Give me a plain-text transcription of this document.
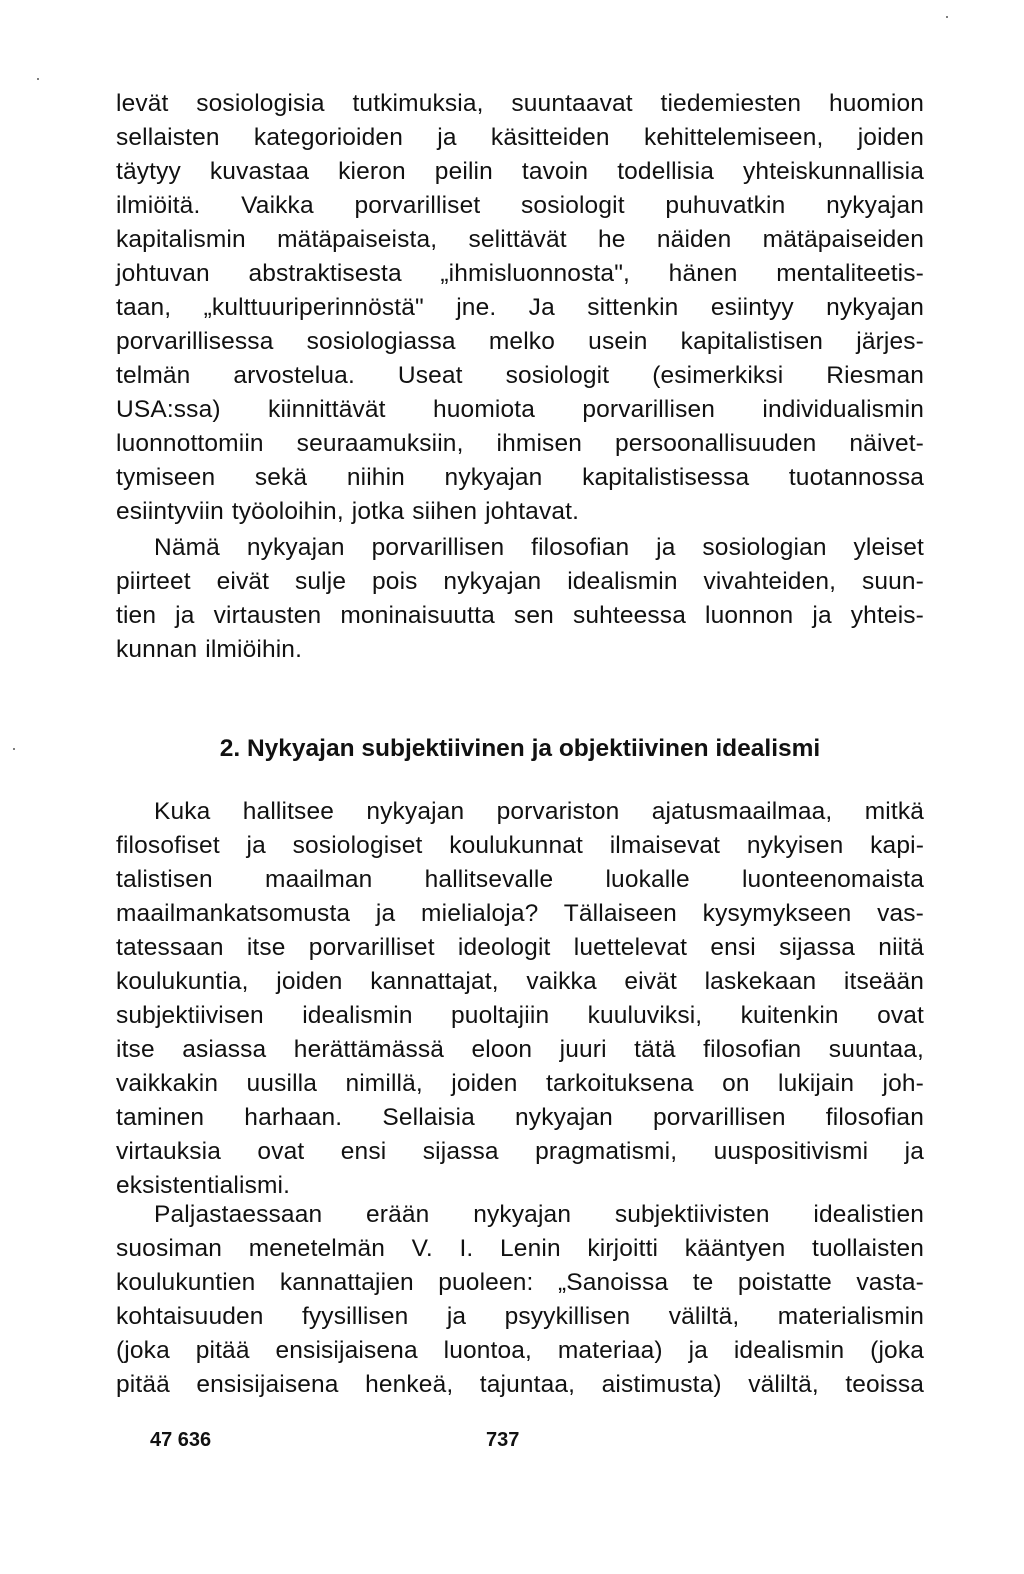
levät sosiologisia tutkimuksia, suuntaavat tiedemiesten huomion
sellaisten kategorioiden ja käsitteiden kehittelemiseen, joiden
täytyy kuvastaa kieron peilin tavoin todellisia yhteiskunnallisia
ilmiöitä. Vaikka porvarilliset sosiologit puhuvatkin nykyajan
kapitalismin mätäpaiseista, selittävät he näiden mätäpaiseiden
johtuvan abstraktisesta „ihmisluonnosta", hänen mentaliteetis-
taan, „kulttuuriperinnöstä" jne. Ja sittenkin esiintyy nykyajan
porvarillisessa sosiologiassa melko usein kapitalistisen järjes-
telmän arvostelua. Useat sosiologit (esimerkiksi Riesman
USA:ssa) kiinnittävät huomiota porvarillisen individualismin
luonnottomiin seuraamuksiin, ihmisen persoonallisuuden näivet-
tymiseen sekä niihin nykyajan kapitalistisessa tuotannossa
esiintyviin työoloihin, jotka siihen johtavat.
Nämä nykyajan porvarillisen filosofian ja sosiologian yleiset
piirteet eivät sulje pois nykyajan idealismin vivahteiden, suun-
tien ja virtausten moninaisuutta sen suhteessa luonnon ja yhteis-
kunnan ilmiöihin.
2. Nykyajan subjektiivinen ja objektiivinen idealismi
Kuka hallitsee nykyajan porvariston ajatusmaailmaa, mitkä
filosofiset ja sosiologiset koulukunnat ilmaisevat nykyisen kapi-
talistisen maailman hallitsevalle luokalle luonteenomaista
maailmankatsomusta ja mielialoja? Tällaiseen kysymykseen vas-
tatessaan itse porvarilliset ideologit luettelevat ensi sijassa niitä
koulukuntia, joiden kannattajat, vaikka eivät laskekaan itseään
subjektiivisen idealismin puoltajiin kuuluviksi, kuitenkin ovat
itse asiassa herättämässä eloon juuri tätä filosofian suuntaa,
vaikkakin uusilla nimillä, joiden tarkoituksena on lukijain joh-
taminen harhaan. Sellaisia nykyajan porvarillisen filosofian
virtauksia ovat ensi sijassa pragmatismi, uuspositivismi ja
eksistentialismi.
Paljastaessaan erään nykyajan subjektiivisten idealistien
suosiman menetelmän V. I. Lenin kirjoitti kääntyen tuollaisten
koulukuntien kannattajien puoleen: „Sanoissa te poistatte vasta-
kohtaisuuden fyysillisen ja psyykillisen väliltä, materialismin
(joka pitää ensisijaisena luontoa, materiaa) ja idealismin (joka
pitää ensisijaisena henkeä, tajuntaa, aistimusta) väliltä, teoissa
47 636	737
